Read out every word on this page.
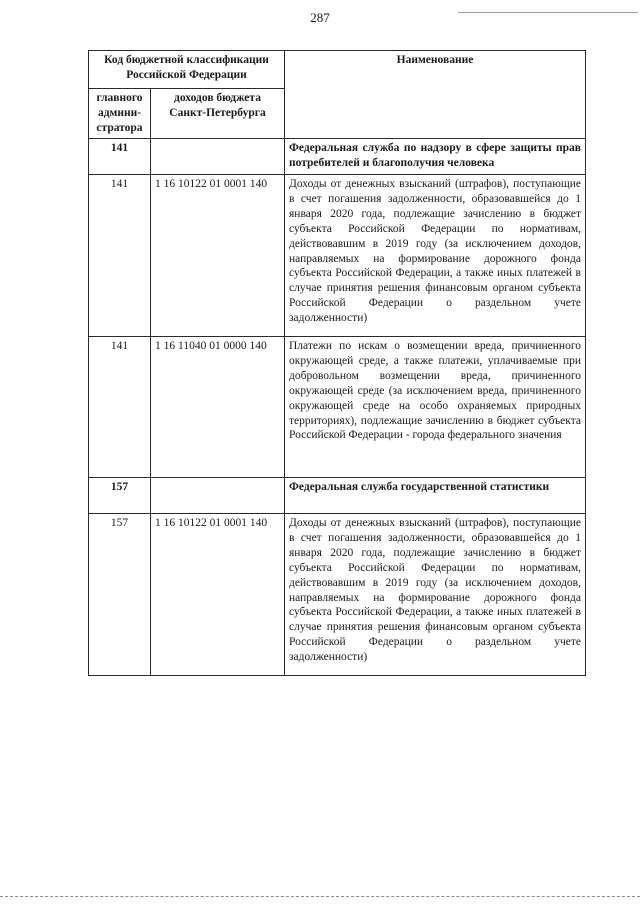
287
Код бюджетной классификации Российской Федерации		Наименование
главного админи-стратора	доходов бюджета Санкт-Петербурга	
141		Федеральная служба по надзору в сфере защиты прав потребителей и благополучия человека
141	1 16 10122 01 0001 140	Доходы от денежных взысканий (штрафов), поступающие в счет погашения задолженности, образовавшейся до 1 января 2020 года, подлежащие зачислению в бюджет субъекта Российской Федерации по нормативам, действовавшим в 2019 году (за исключением доходов, направляемых на формирование дорожного фонда субъекта Российской Федерации, а также иных платежей в случае принятия решения финансовым органом субъекта Российской Федерации о раздельном учете задолженности)
141	1 16 11040 01 0000 140	Платежи по искам о возмещении вреда, причиненного окружающей среде, а также платежи, уплачиваемые при добровольном возмещении вреда, причиненного окружающей среде (за исключением вреда, причиненного окружающей среде на особо охраняемых природных территориях), подлежащие зачислению в бюджет субъекта Российской Федерации - города федерального значения
157		Федеральная служба государственной статистики
157	1 16 10122 01 0001 140	Доходы от денежных взысканий (штрафов), поступающие в счет погашения задолженности, образовавшейся до 1 января 2020 года, подлежащие зачислению в бюджет субъекта Российской Федерации по нормативам, действовавшим в 2019 году (за исключением доходов, направляемых на формирование дорожного фонда субъекта Российской Федерации, а также иных платежей в случае принятия решения финансовым органом субъекта Российской Федерации о раздельном учете задолженности)
